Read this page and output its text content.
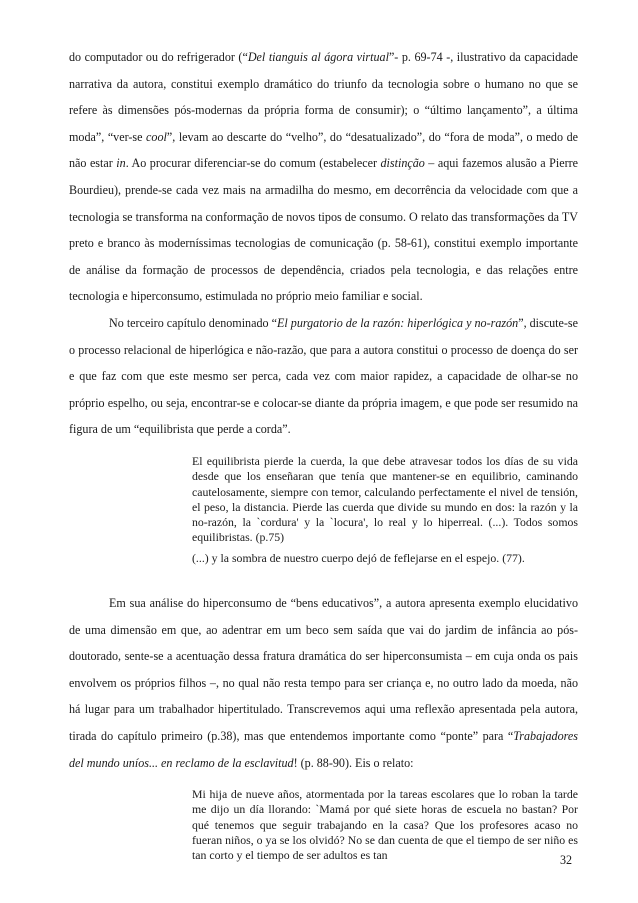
do computador ou do refrigerador (“Del tianguis al ágora virtual”- p. 69-74 -, ilustrativo da capacidade narrativa da autora, constitui exemplo dramático do triunfo da tecnologia sobre o humano no que se refere às dimensões pós-modernas da própria forma de consumir); o “último lançamento”, a última moda”, “ver-se cool”, levam ao descarte do “velho”, do “desatualizado”, do “fora de moda”, o medo de não estar in. Ao procurar diferenciar-se do comum (estabelecer distinção – aqui fazemos alusão a Pierre Bourdieu), prende-se cada vez mais na armadilha do mesmo, em decorrência da velocidade com que a tecnologia se transforma na conformação de novos tipos de consumo. O relato das transformações da TV preto e branco às moderníssimas tecnologias de comunicação (p. 58-61), constitui exemplo importante de análise da formação de processos de dependência, criados pela tecnologia, e das relações entre tecnologia e hiperconsumo, estimulada no próprio meio familiar e social.

No terceiro capítulo denominado “El purgatorio de la razón: hiperlógica y no-razón”, discute-se o processo relacional de hiperlógica e não-razão, que para a autora constitui o processo de doença do ser e que faz com que este mesmo ser perca, cada vez com maior rapidez, a capacidade de olhar-se no próprio espelho, ou seja, encontrar-se e colocar-se diante da própria imagem, e que pode ser resumido na figura de um “equilibrista que perde a corda”.

El equilibrista pierde la cuerda, la que debe atravesar todos los días de su vida desde que los enseñaran que tenía que mantener-se en equilibrio, caminando cautelosamente, siempre con temor, calculando perfectamente el nivel de tensión, el peso, la distancia. Pierde las cuerda que divide su mundo en dos: la razón y la no-razón, la `cordura' y la `locura', lo real y lo hiperreal. (...). Todos somos equilibristas. (p.75)

(...) y la sombra de nuestro cuerpo dejó de feflejarse en el espejo. (77).

Em sua análise do hiperconsumo de “bens educativos”, a autora apresenta exemplo elucidativo de uma dimensão em que, ao adentrar em um beco sem saída que vai do jardim de infância ao pós-doutorado, sente-se a acentuação dessa fratura dramática do ser hiperconsumista – em cuja onda os pais envolvem os próprios filhos –, no qual não resta tempo para ser criança e, no outro lado da moeda, não há lugar para um trabalhador hipertitulado. Transcrevemos aqui uma reflexão apresentada pela autora, tirada do capítulo primeiro (p.38), mas que entendemos importante como “ponte” para “Trabajadores del mundo uníos... en reclamo de la esclavitud! (p. 88-90). Eis o relato:

Mi hija de nueve años, atormentada por la tareas escolares que lo roban la tarde me dijo un día llorando: `Mamá por qué siete horas de escuela no bastan? Por qué tenemos que seguir trabajando en la casa? Que los profesores acaso no fueran niños, o ya se los olvidó? No se dan cuenta de que el tiempo de ser niño es tan corto y el tiempo de ser adultos es tan	32
